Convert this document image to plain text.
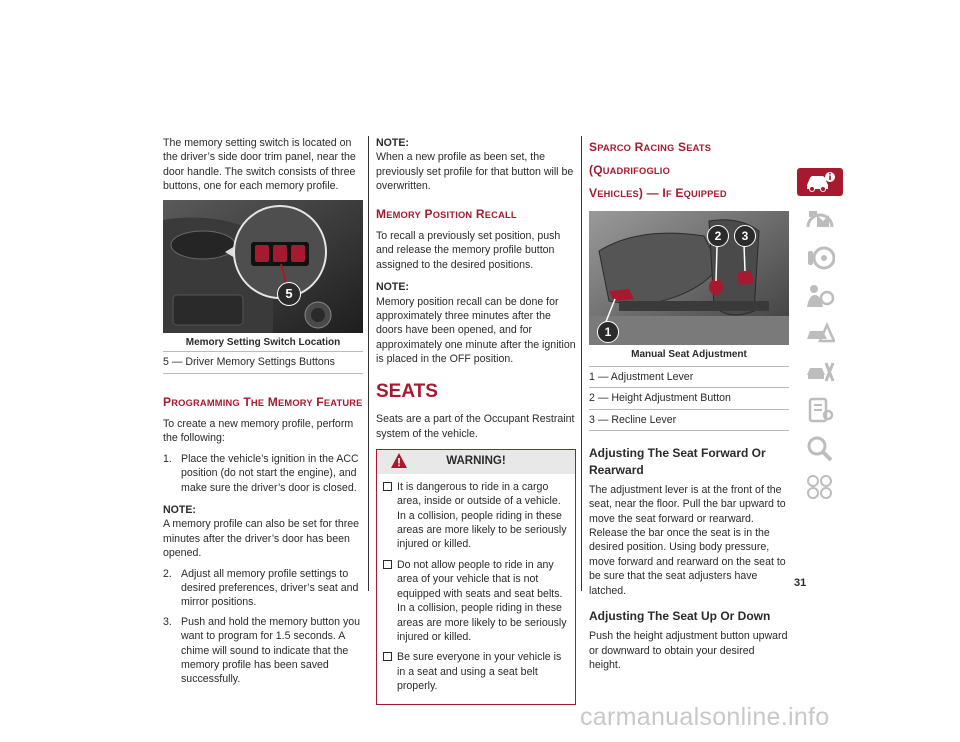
The memory setting switch is located on the driver’s side door trim panel, near the door handle. The switch consists of three buttons, one for each memory profile.

5
Memory Setting Switch Location
5 — Driver Memory Settings Buttons
PROGRAMMING THE MEMORY FEATURE

To create a new memory profile, perform the following:

1. Place the vehicle’s ignition in the ACC position (do not start the engine), and make sure the driver’s door is closed.
NOTE:

A memory profile can also be set for three minutes after the driver’s door has been opened.

2. Adjust all memory profile settings to desired preferences, driver’s seat and mirror positions.
3. Push and hold the memory button you want to program for 1.5 seconds. A chime will sound to indicate that the memory profile has been saved successfully.
NOTE:

When a new profile as been set, the previously set profile for that button will be overwritten.

MEMORY POSITION RECALL

To recall a previously set position, push and release the memory profile button assigned to the desired positions.

NOTE:

Memory position recall can be done for approximately three minutes after the doors have been opened, and for approximately one minute after the ignition is placed in the OFF position.

SEATS

Seats are a part of the Occupant Restraint system of the vehicle.

WARNING!
It is dangerous to ride in a cargo area, inside or outside of a vehicle. In a collision, people riding in these areas are more likely to be seriously injured or killed.
Do not allow people to ride in any area of your vehicle that is not equipped with seats and seat belts. In a collision, people riding in these areas are more likely to be seriously injured or killed.
Be sure everyone in your vehicle is in a seat and using a seat belt properly.
SPARCO RACING SEATS (QUADRIFOGLIO
VEHICLES) — IF EQUIPPED
1
2	3
Manual Seat Adjustment
1 — Adjustment Lever
2 — Height Adjustment Button
3 — Recline Lever
Adjusting The Seat Forward Or Rearward

The adjustment lever is at the front of the seat, near the floor. Pull the bar upward to move the seat forward or rearward. Release the bar once the seat is in the desired position. Using body pressure, move forward and rearward on the seat to be sure that the seat adjusters have latched.

Adjusting The Seat Up Or Down

Push the height adjustment button upward or downward to obtain your desired height.

31
carmanualsonline.info
